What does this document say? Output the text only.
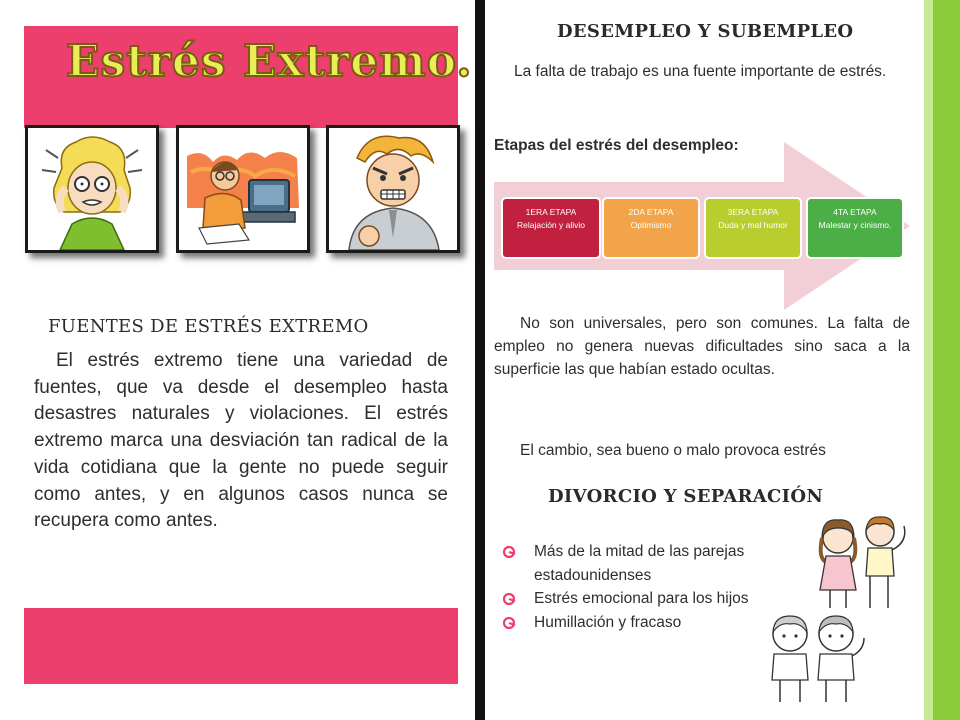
Estrés Extremo.
FUENTES DE ESTRÉS EXTREMO
El estrés extremo tiene una variedad de fuentes, que va desde el desempleo hasta desastres naturales y violaciones. El estrés extremo marca una desviación tan radical de la vida cotidiana que la gente no puede seguir como antes, y en algunos casos nunca se recupera como antes.
DESEMPLEO Y SUBEMPLEO
La falta de trabajo es una fuente importante de estrés.
Etapas del estrés del desempleo:
1ERA ETAPA
Relajación y alivio
2DA ETAPA
Optimismo
3ERA ETAPA
Duda y mal humor
4TA ETAPA
Malestar y cinismo.
No son universales, pero son comunes. La falta de empleo no genera nuevas dificultades sino saca a la superficie las que habían estado ocultas.
El cambio, sea bueno o malo provoca estrés
DIVORCIO Y SEPARACIÓN
Más de la mitad de las parejas estadounidenses
Estrés emocional para los hijos
Humillación y fracaso
